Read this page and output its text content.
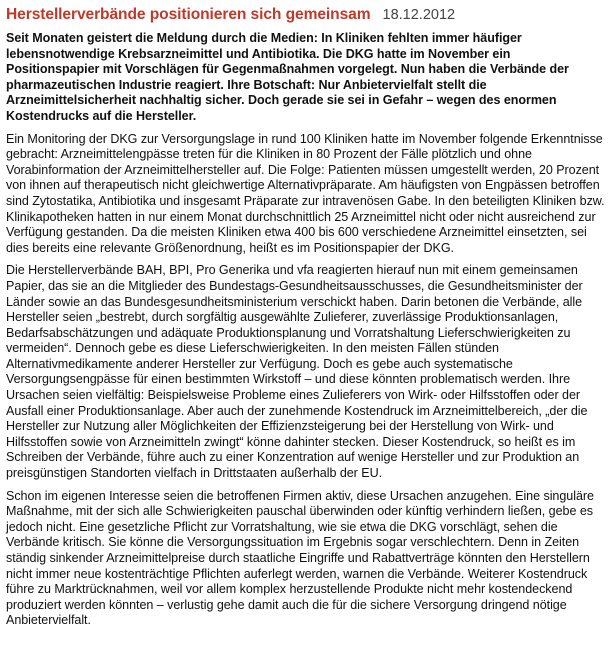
Herstellerverbände positionieren sich gemeinsam 18.12.2012

Seit Monaten geistert die Meldung durch die Medien: In Kliniken fehlten immer häufiger lebensnotwendige Krebsarzneimittel und Antibiotika. Die DKG hatte im November ein Positionspapier mit Vorschlägen für Gegenmaßnahmen vorgelegt. Nun haben die Verbände der pharmazeutischen Industrie reagiert. Ihre Botschaft: Nur Anbietervielfalt stellt die Arzneimittelsicherheit nachhaltig sicher. Doch gerade sie sei in Gefahr – wegen des enormen Kostendrucks auf die Hersteller.

Ein Monitoring der DKG zur Versorgungslage in rund 100 Kliniken hatte im November folgende Erkenntnisse gebracht: Arzneimittelengpässe treten für die Kliniken in 80 Prozent der Fälle plötzlich und ohne Vorabinformation der Arzneimittelhersteller auf. Die Folge: Patienten müssen umgestellt werden, 20 Prozent von ihnen auf therapeutisch nicht gleichwertige Alternativpräparate. Am häufigsten von Engpässen betroffen sind Zytostatika, Antibiotika und insgesamt Präparate zur intravenösen Gabe. In den beteiligten Kliniken bzw. Klinikapotheken hatten in nur einem Monat durchschnittlich 25 Arzneimittel nicht oder nicht ausreichend zur Verfügung gestanden. Da die meisten Kliniken etwa 400 bis 600 verschiedene Arzneimittel einsetzten, sei dies bereits eine relevante Größenordnung, heißt es im Positionspapier der DKG.

Die Herstellerverbände BAH, BPI, Pro Generika und vfa reagierten hierauf nun mit einem gemeinsamen Papier, das sie an die Mitglieder des Bundestags-Gesundheitsausschusses, die Gesundheitsminister der Länder sowie an das Bundesgesundheitsministerium verschickt haben. Darin betonen die Verbände, alle Hersteller seien „bestrebt, durch sorgfältig ausgewählte Zulieferer, zuverlässige Produktionsanlagen, Bedarfsabschätzungen und adäquate Produktionsplanung und Vorratshaltung Lieferschwierigkeiten zu vermeiden“. Dennoch gebe es diese Lieferschwierigkeiten. In den meisten Fällen stünden Alternativmedikamente anderer Hersteller zur Verfügung. Doch es gebe auch systematische Versorgungsengpässe für einen bestimmten Wirkstoff – und diese könnten problematisch werden. Ihre Ursachen seien vielfältig: Beispielsweise Probleme eines Zulieferers von Wirk- oder Hilfsstoffen oder der Ausfall einer Produktionsanlage. Aber auch der zunehmende Kostendruck im Arzneimittelbereich, „der die Hersteller zur Nutzung aller Möglichkeiten der Effizienzsteigerung bei der Herstellung von Wirk- und Hilfsstoffen sowie von Arzneimitteln zwingt“ könne dahinter stecken. Dieser Kostendruck, so heißt es im Schreiben der Verbände, führe auch zu einer Konzentration auf wenige Hersteller und zur Produktion an preisgünstigen Standorten vielfach in Drittstaaten außerhalb der EU.

Schon im eigenen Interesse seien die betroffenen Firmen aktiv, diese Ursachen anzugehen. Eine singuläre Maßnahme, mit der sich alle Schwierigkeiten pauschal überwinden oder künftig verhindern ließen, gebe es jedoch nicht. Eine gesetzliche Pflicht zur Vorratshaltung, wie sie etwa die DKG vorschlägt, sehen die Verbände kritisch. Sie könne die Versorgungssituation im Ergebnis sogar verschlechtern. Denn in Zeiten ständig sinkender Arzneimittelpreise durch staatliche Eingriffe und Rabattverträge könnten den Herstellern nicht immer neue kostenträchtige Pflichten auferlegt werden, warnen die Verbände. Weiterer Kostendruck führe zu Marktrücknahmen, weil vor allem komplex herzustellende Produkte nicht mehr kostendeckend produziert werden könnten – verlustig gehe damit auch die für die sichere Versorgung dringend nötige Anbietervielfalt.
